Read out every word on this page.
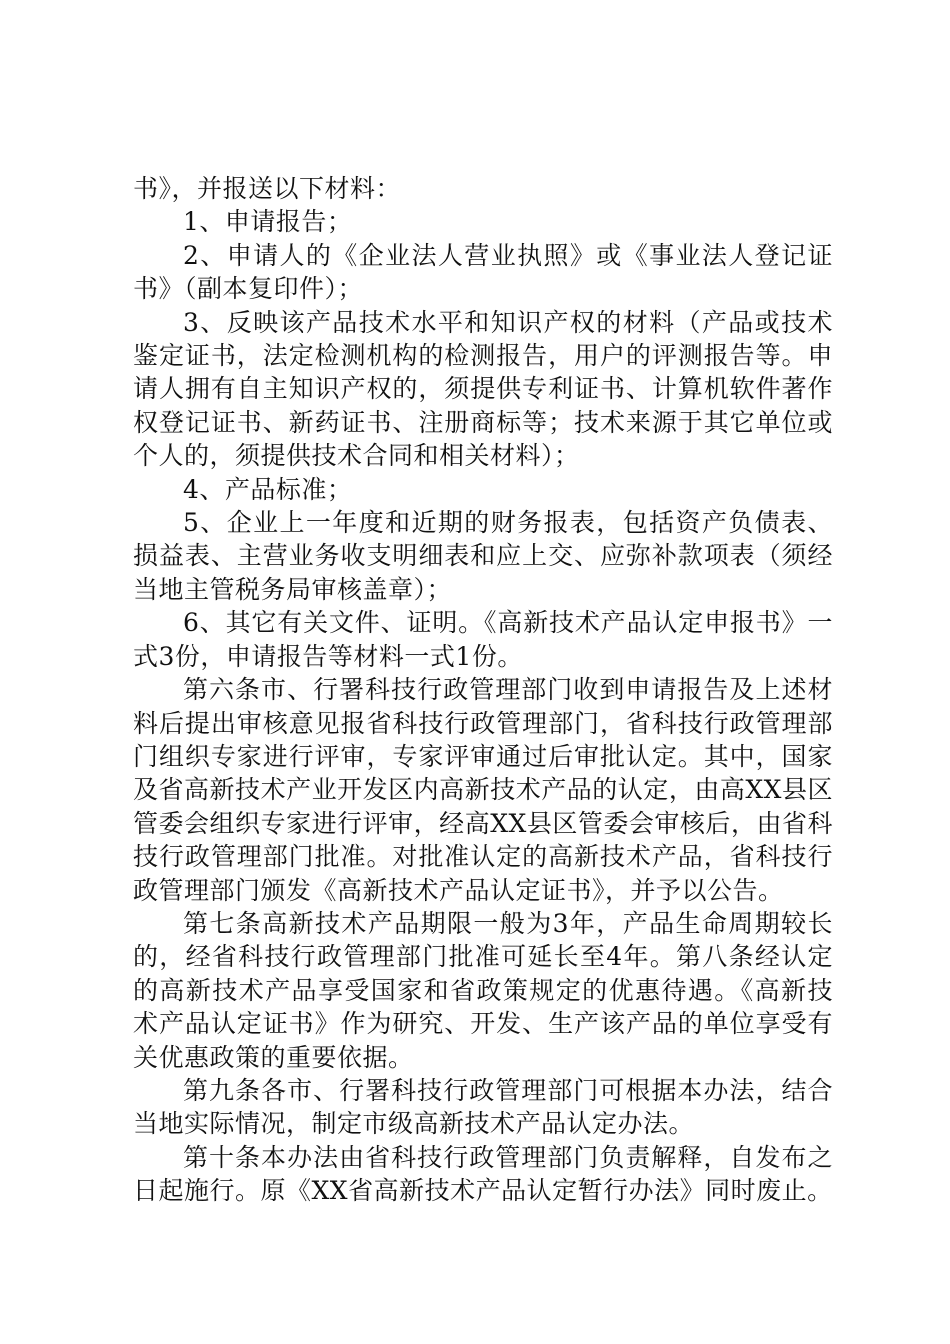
书》，并报送以下材料：

1、申请报告；

2、申请人的《企业法人营业执照》或《事业法人登记证书》（副本复印件）；

3、反映该产品技术水平和知识产权的材料（产品或技术鉴定证书，法定检测机构的检测报告，用户的评测报告等。申请人拥有自主知识产权的，须提供专利证书、计算机软件著作权登记证书、新药证书、注册商标等；技术来源于其它单位或个人的，须提供技术合同和相关材料）；

4、产品标准；

5、企业上一年度和近期的财务报表，包括资产负债表、损益表、主营业务收支明细表和应上交、应弥补款项表（须经当地主管税务局审核盖章）；

6、其它有关文件、证明。《高新技术产品认定申报书》一式3份，申请报告等材料一式1份。

第六条市、行署科技行政管理部门收到申请报告及上述材料后提出审核意见报省科技行政管理部门，省科技行政管理部门组织专家进行评审，专家评审通过后审批认定。其中，国家及省高新技术产业开发区内高新技术产品的认定，由高XX县区管委会组织专家进行评审，经高XX县区管委会审核后，由省科技行政管理部门批准。对批准认定的高新技术产品，省科技行政管理部门颁发《高新技术产品认定证书》，并予以公告。

第七条高新技术产品期限一般为3年，产品生命周期较长的，经省科技行政管理部门批准可延长至4年。第八条经认定的高新技术产品享受国家和省政策规定的优惠待遇。《高新技术产品认定证书》作为研究、开发、生产该产品的单位享受有关优惠政策的重要依据。

第九条各市、行署科技行政管理部门可根据本办法，结合当地实际情况，制定市级高新技术产品认定办法。

第十条本办法由省科技行政管理部门负责解释，自发布之日起施行。原《XX省高新技术产品认定暂行办法》同时废止。
